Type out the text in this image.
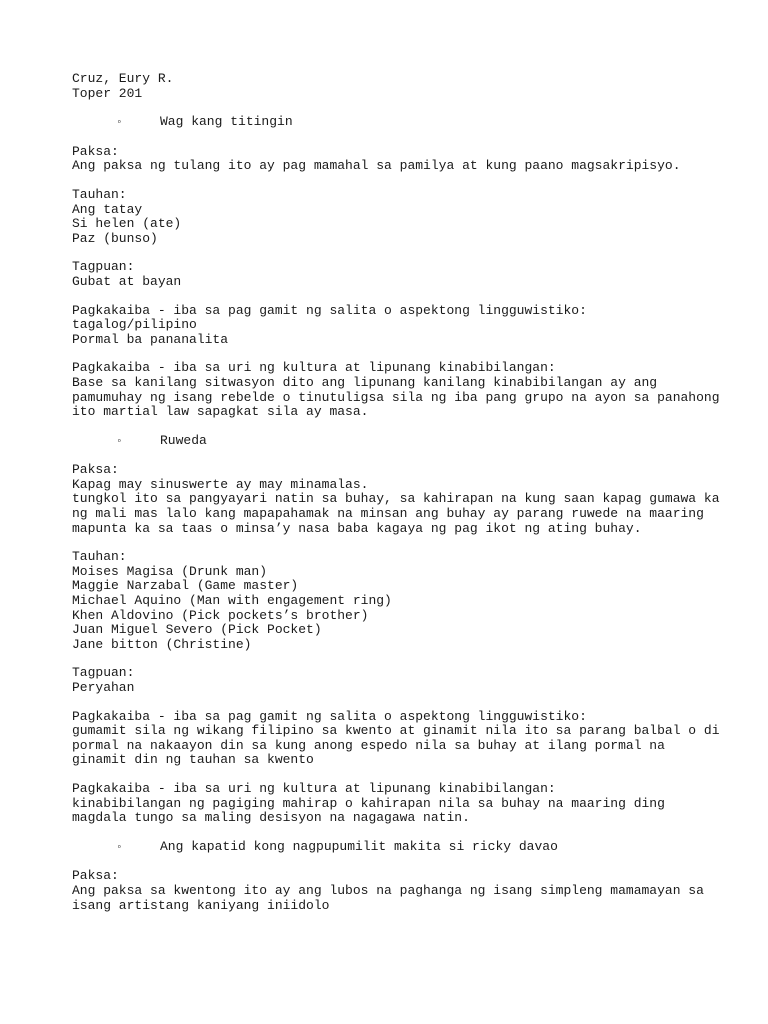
Cruz, Eury R.
Toper 201
◦	Wag kang titingin
Paksa:
Ang paksa ng tulang ito ay pag mamahal sa pamilya at kung paano magsakripisyo.
Tauhan:
Ang tatay
Si helen (ate)
Paz (bunso)
Tagpuan:
Gubat at bayan
Pagkakaiba - iba sa pag gamit ng salita o aspektong lingguwistiko:
tagalog/pilipino
Pormal ba pananalita
Pagkakaiba - iba sa uri ng kultura at lipunang kinabibilangan:
Base sa kanilang sitwasyon dito ang lipunang kanilang kinabibilangan ay ang
pamumuhay ng isang rebelde o tinutuligsa sila ng iba pang grupo na ayon sa panahong
ito martial law sapagkat sila ay masa.
◦	Ruweda
Paksa:
Kapag may sinuswerte ay may minamalas.
tungkol ito sa pangyayari natin sa buhay, sa kahirapan na kung saan kapag gumawa ka
ng mali mas lalo kang mapapahamak na minsan ang buhay ay parang ruwede na maaring
mapunta ka sa taas o minsa’y nasa baba kagaya ng pag ikot ng ating buhay.
Tauhan:
Moises Magisa (Drunk man)
Maggie Narzabal (Game master)
Michael Aquino (Man with engagement ring)
Khen Aldovino (Pick pockets’s brother)
Juan Miguel Severo (Pick Pocket)
Jane bitton (Christine)
Tagpuan:
Peryahan
Pagkakaiba - iba sa pag gamit ng salita o aspektong lingguwistiko:
gumamit sila ng wikang filipino sa kwento at ginamit nila ito sa parang balbal o di
pormal na nakaayon din sa kung anong espedo nila sa buhay at ilang pormal na
ginamit din ng tauhan sa kwento
Pagkakaiba - iba sa uri ng kultura at lipunang kinabibilangan:
kinabibilangan ng pagiging mahirap o kahirapan nila sa buhay na maaring ding
magdala tungo sa maling desisyon na nagagawa natin.
◦	Ang kapatid kong nagpupumilit makita si ricky davao
Paksa:
Ang paksa sa kwentong ito ay ang lubos na paghanga ng isang simpleng mamamayan sa
isang artistang kaniyang iniidolo
